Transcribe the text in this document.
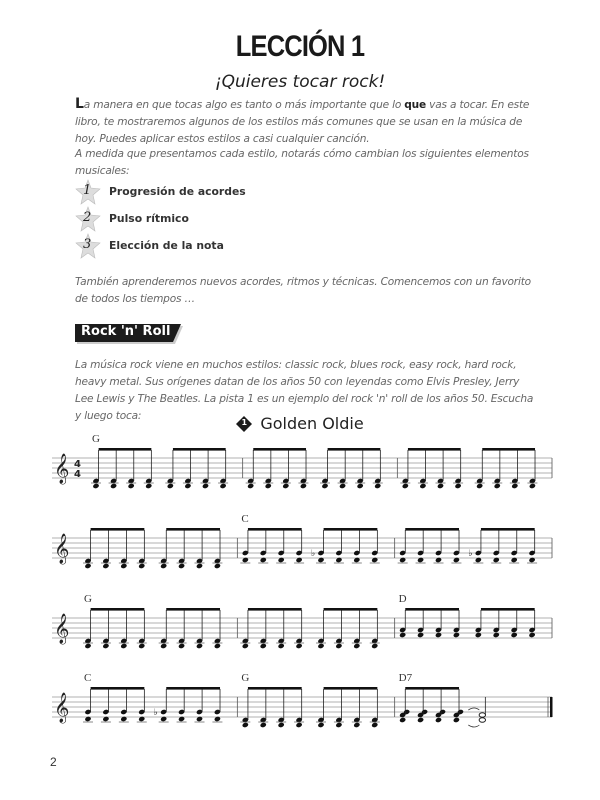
LECCIÓN 1
¡Quieres tocar rock!
La manera en que tocas algo es tanto o más importante que lo que vas a tocar. En este libro, te mostraremos algunos de los estilos más comunes que se usan en la música de hoy. Puedes aplicar estos estilos a casi cualquier canción.
A medida que presentamos cada estilo, notarás cómo cambian los siguientes elementos musicales:
1 Progresión de acordes
2 Pulso rítmico
3 Elección de la nota
También aprenderemos nuevos acordes, ritmos y técnicas. Comencemos con un favorito de todos los tiempos …
Rock 'n' Roll
La música rock viene en muchos estilos: classic rock, blues rock, easy rock, hard rock, heavy metal. Sus orígenes datan de los años 50 con leyendas como Elvis Presley, Jerry Lee Lewis y The Beatles. La pista 1 es un ejemplo del rock 'n' roll de los años 50. Escucha y luego toca:	1 Golden Oldie
𝄞 4
4
G
𝄞
C
♭	♭
𝄞
G	D
𝄞
C
♭
G	D7
2
